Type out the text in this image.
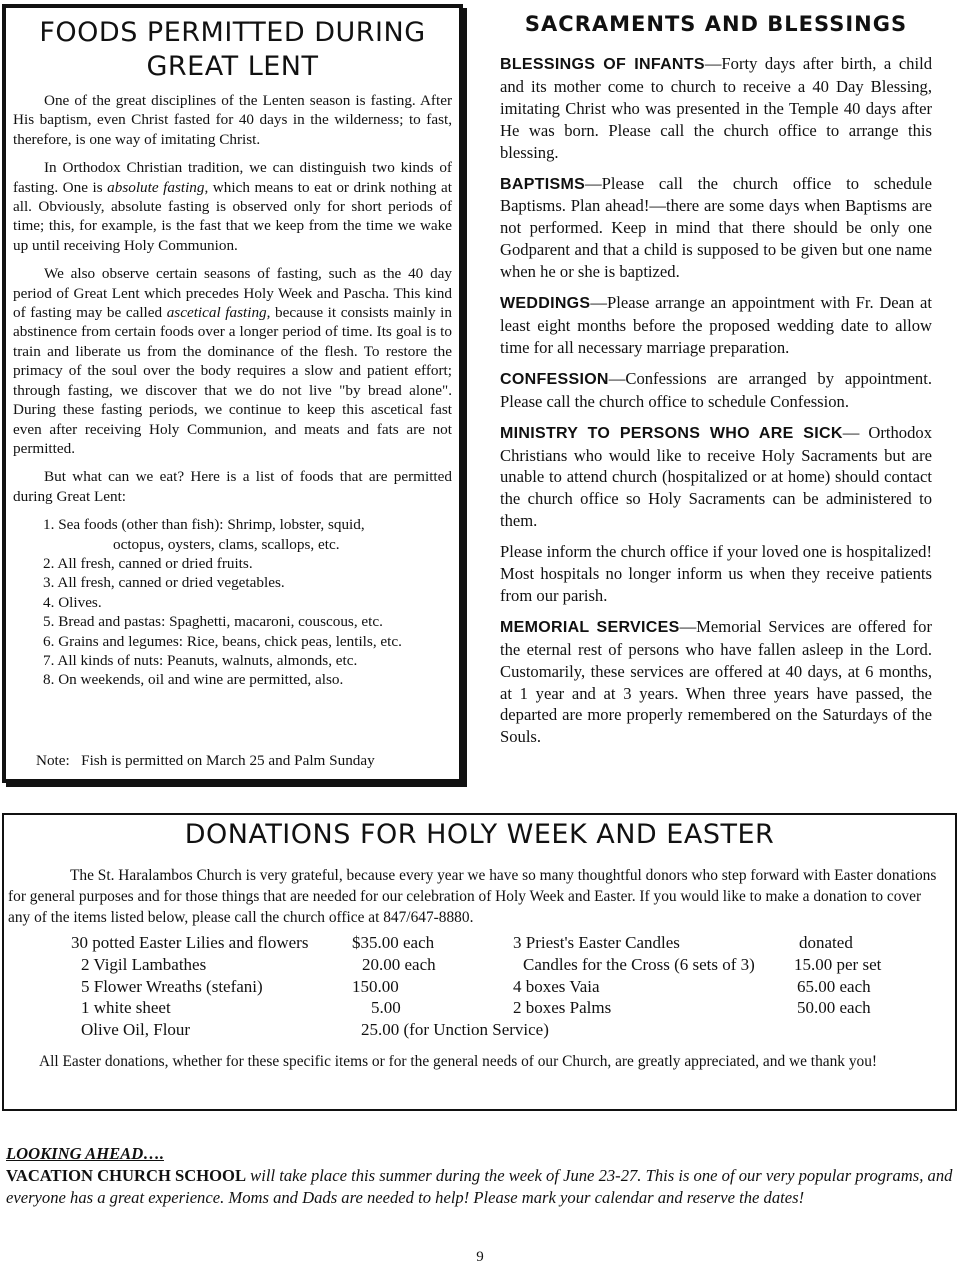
FOODS PERMITTED DURING
GREAT LENT

One of the great disciplines of the Lenten season is fasting. After His baptism, even Christ fasted for 40 days in the wilderness; to fast, therefore, is one way of imitating Christ.

In Orthodox Christian tradition, we can distinguish two kinds of fasting. One is absolute fasting, which means to eat or drink nothing at all. Obviously, absolute fasting is observed only for short periods of time; this, for example, is the fast that we keep from the time we wake up until receiving Holy Communion.

We also observe certain seasons of fasting, such as the 40 day period of Great Lent which precedes Holy Week and Pascha. This kind of fasting may be called ascetical fasting, because it consists mainly in abstinence from certain foods over a longer period of time. Its goal is to train and liberate us from the dominance of the flesh. To restore the primacy of the soul over the body requires a slow and patient effort; through fasting, we discover that we do not live "by bread alone". During these fasting periods, we continue to keep this ascetical fast even after receiving Holy Communion, and meats and fats are not permitted.

But what can we eat? Here is a list of foods that are permitted during Great Lent:

1. Sea foods (other than fish): Shrimp, lobster, squid,
octopus, oysters, clams, scallops, etc.
2. All fresh, canned or dried fruits.
3. All fresh, canned or dried vegetables.
4. Olives.
5. Bread and pastas: Spaghetti, macaroni, couscous, etc.
6. Grains and legumes: Rice, beans, chick peas, lentils, etc.
7. All kinds of nuts: Peanuts, walnuts, almonds, etc.
8. On weekends, oil and wine are permitted, also.
Note:   Fish is permitted on March 25 and Palm Sunday
SACRAMENTS AND BLESSINGS

BLESSINGS OF INFANTS—Forty days after birth, a child and its mother come to church to receive a 40 Day Blessing, imitating Christ who was presented in the Temple 40 days after He was born. Please call the church office to arrange this blessing.

BAPTISMS—Please call the church office to schedule Baptisms. Plan ahead!—there are some days when Baptisms are not performed. Keep in mind that there should be only one Godparent and that a child is supposed to be given but one name when he or she is baptized.

WEDDINGS—Please arrange an appointment with Fr. Dean at least eight months before the proposed wedding date to allow time for all necessary marriage preparation.

CONFESSION—Confessions are arranged by appointment. Please call the church office to schedule Confession.

MINISTRY TO PERSONS WHO ARE SICK— Orthodox Christians who would like to receive Holy Sacraments but are unable to attend church (hospitalized or at home) should contact the church office so Holy Sacraments can be administered to them.

Please inform the church office if your loved one is hospitalized! Most hospitals no longer inform us when they receive patients from our parish.

MEMORIAL SERVICES—Memorial Services are offered for the eternal rest of persons who have fallen asleep in the Lord. Customarily, these services are offered at 40 days, at 6 months, at 1 year and at 3 years. When three years have passed, the departed are more properly remembered on the Saturdays of the Souls.

DONATIONS FOR HOLY WEEK AND EASTER
The St. Haralambos Church is very grateful, because every year we have so many thoughtful donors who step forward with Easter donations for general purposes and for those things that are needed for our celebration of Holy Week and Easter. If you would like to make a donation to cover any of the items listed below, please call the church office at 847/647-8880.
30 potted Easter Lilies and flowers
2 Vigil Lambathes
5 Flower Wreaths (stefani)
1 white sheet
Olive Oil, Flour
$35.00 each
20.00 each
150.00
5.00
25.00 (for Unction Service)
3 Priest's Easter Candles
Candles for the Cross (6 sets of 3)
4 boxes Vaia
2 boxes Palms
donated
15.00 per set
65.00 each
50.00 each
All Easter donations, whether for these specific items or for the general needs of our Church, are greatly appreciated, and we thank you!
LOOKING AHEAD….
VACATION CHURCH SCHOOL will take place this summer during the week of June 23-27. This is one of our very popular programs, and everyone has a great experience. Moms and Dads are needed to help! Please mark your calendar and reserve the dates!
9
